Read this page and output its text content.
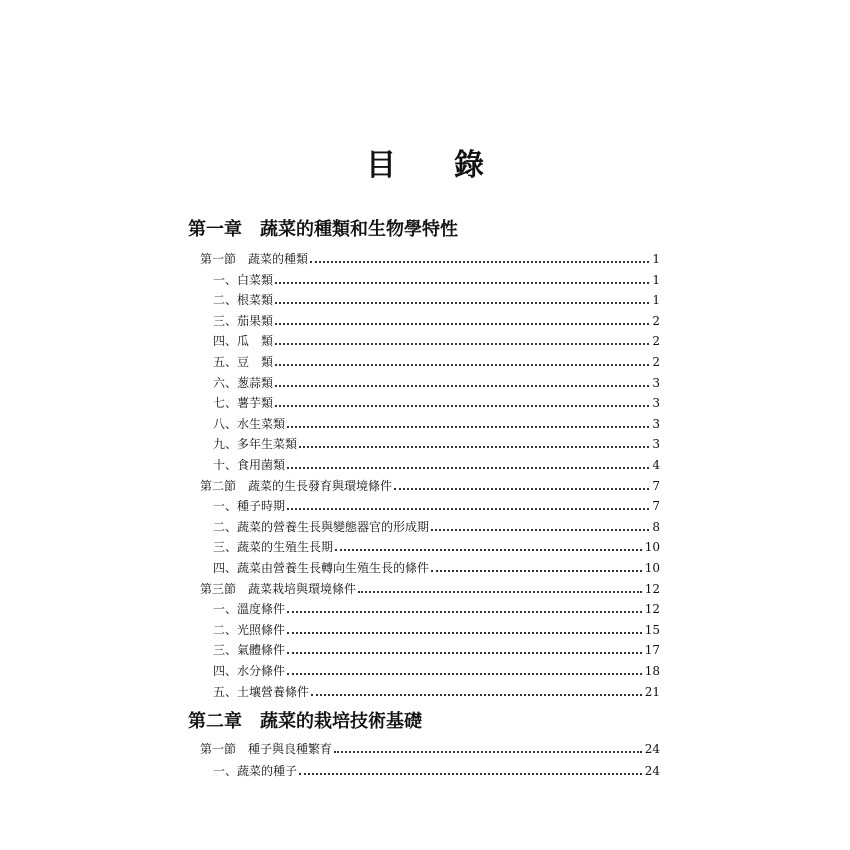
目錄
第一章　蔬菜的種類和生物學特性
第一節　蔬菜的種類	1
一、白菜類	1
二、根菜類	1
三、茄果類	2
四、瓜　類	2
五、豆　類	2
六、葱蒜類	3
七、薯芋類	3
八、水生菜類	3
九、多年生菜類	3
十、食用菌類	4
第二節　蔬菜的生長發育與環境條件	7
一、種子時期	7
二、蔬菜的營養生長與變態器官的形成期	8
三、蔬菜的生殖生長期	10
四、蔬菜由營養生長轉向生殖生長的條件	10
第三節　蔬菜栽培與環境條件	12
一、溫度條件	12
二、光照條件	15
三、氣體條件	17
四、水分條件	18
五、土壤營養條件	21
第二章　蔬菜的栽培技術基礎
第一節　種子與良種繁育	24
一、蔬菜的種子	24
